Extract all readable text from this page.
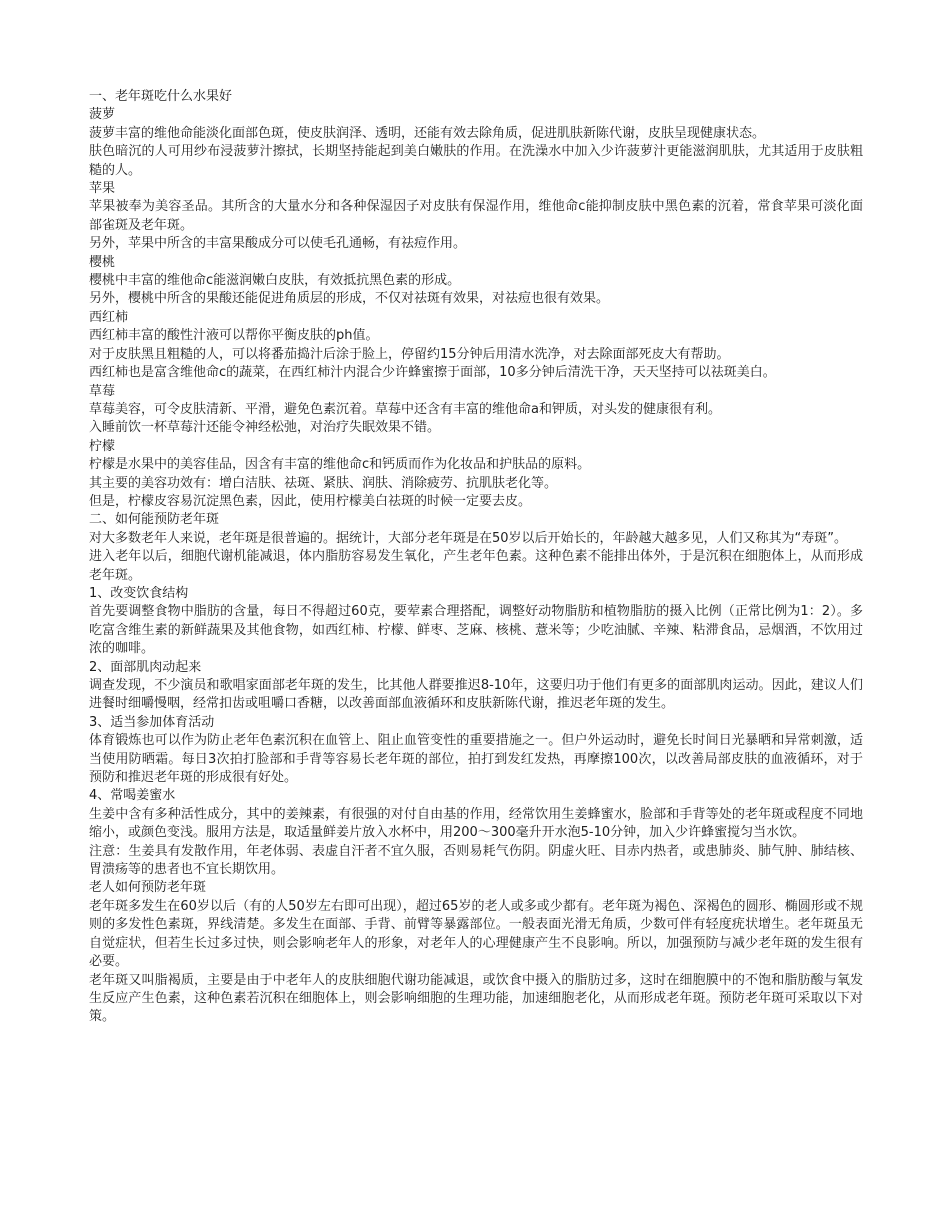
一、老年斑吃什么水果好

菠萝

菠萝丰富的维他命能淡化面部色斑，使皮肤润泽、透明，还能有效去除角质，促进肌肤新陈代谢，皮肤呈现健康状态。

肤色暗沉的人可用纱布浸菠萝汁擦拭，长期坚持能起到美白嫩肤的作用。在洗澡水中加入少许菠萝汁更能滋润肌肤，尤其适用于皮肤粗糙的人。

苹果

苹果被奉为美容圣品。其所含的大量水分和各种保湿因子对皮肤有保湿作用，维他命c能抑制皮肤中黑色素的沉着，常食苹果可淡化面部雀斑及老年斑。

另外，苹果中所含的丰富果酸成分可以使毛孔通畅，有祛痘作用。

樱桃

樱桃中丰富的维他命c能滋润嫩白皮肤，有效抵抗黑色素的形成。

另外，樱桃中所含的果酸还能促进角质层的形成，不仅对祛斑有效果，对祛痘也很有效果。

西红柿

西红柿丰富的酸性汁液可以帮你平衡皮肤的ph值。

对于皮肤黑且粗糙的人，可以将番茄捣汁后涂于脸上，停留约15分钟后用清水洗净，对去除面部死皮大有帮助。

西红柿也是富含维他命c的蔬菜，在西红柿汁内混合少许蜂蜜擦于面部，10多分钟后清洗干净，天天坚持可以祛斑美白。

草莓

草莓美容，可令皮肤清新、平滑，避免色素沉着。草莓中还含有丰富的维他命a和钾质，对头发的健康很有利。

入睡前饮一杯草莓汁还能令神经松弛，对治疗失眠效果不错。

柠檬

柠檬是水果中的美容佳品，因含有丰富的维他命c和钙质而作为化妆品和护肤品的原料。

其主要的美容功效有：增白洁肤、祛斑、紧肤、润肤、消除疲劳、抗肌肤老化等。

但是，柠檬皮容易沉淀黑色素，因此，使用柠檬美白祛斑的时候一定要去皮。

二、如何能预防老年斑

对大多数老年人来说，老年斑是很普遍的。据统计，大部分老年斑是在50岁以后开始长的，年龄越大越多见，人们又称其为“寿斑”。

进入老年以后，细胞代谢机能减退，体内脂肪容易发生氧化，产生老年色素。这种色素不能排出体外，于是沉积在细胞体上，从而形成老年斑。

1、改变饮食结构

首先要调整食物中脂肪的含量，每日不得超过60克，要荤素合理搭配，调整好动物脂肪和植物脂肪的摄入比例（正常比例为1：2）。多吃富含维生素的新鲜蔬果及其他食物，如西红柿、柠檬、鲜枣、芝麻、核桃、薏米等；少吃油腻、辛辣、粘滞食品，忌烟酒，不饮用过浓的咖啡。

2、面部肌肉动起来

调查发现，不少演员和歌唱家面部老年斑的发生，比其他人群要推迟8-10年，这要归功于他们有更多的面部肌肉运动。因此，建议人们进餐时细嚼慢咽，经常扣齿或咀嚼口香糖，以改善面部血液循环和皮肤新陈代谢，推迟老年斑的发生。

3、适当参加体育活动

体育锻炼也可以作为防止老年色素沉积在血管上、阻止血管变性的重要措施之一。但户外运动时，避免长时间日光暴晒和异常刺激，适当使用防晒霜。每日3次拍打脸部和手背等容易长老年斑的部位，拍打到发红发热，再摩擦100次，以改善局部皮肤的血液循环，对于预防和推迟老年斑的形成很有好处。

4、常喝姜蜜水

生姜中含有多种活性成分，其中的姜辣素，有很强的对付自由基的作用，经常饮用生姜蜂蜜水，脸部和手背等处的老年斑或程度不同地缩小，或颜色变浅。服用方法是，取适量鲜姜片放入水杯中，用200～300毫升开水泡5-10分钟，加入少许蜂蜜搅匀当水饮。

注意：生姜具有发散作用，年老体弱、表虚自汗者不宜久服，否则易耗气伤阴。阴虚火旺、目赤内热者，或患肺炎、肺气肿、肺结核、胃溃疡等的患者也不宜长期饮用。

老人如何预防老年斑

老年斑多发生在60岁以后（有的人50岁左右即可出现），超过65岁的老人或多或少都有。老年斑为褐色、深褐色的圆形、椭圆形或不规则的多发性色素斑，界线清楚。多发生在面部、手背、前臂等暴露部位。一般表面光滑无角质，少数可伴有轻度疣状增生。老年斑虽无自觉症状，但若生长过多过快，则会影响老年人的形象，对老年人的心理健康产生不良影响。所以，加强预防与减少老年斑的发生很有必要。

老年斑又叫脂褐质，主要是由于中老年人的皮肤细胞代谢功能减退，或饮食中摄入的脂肪过多，这时在细胞膜中的不饱和脂肪酸与氧发生反应产生色素，这种色素若沉积在细胞体上，则会影响细胞的生理功能，加速细胞老化，从而形成老年斑。预防老年斑可采取以下对策。
